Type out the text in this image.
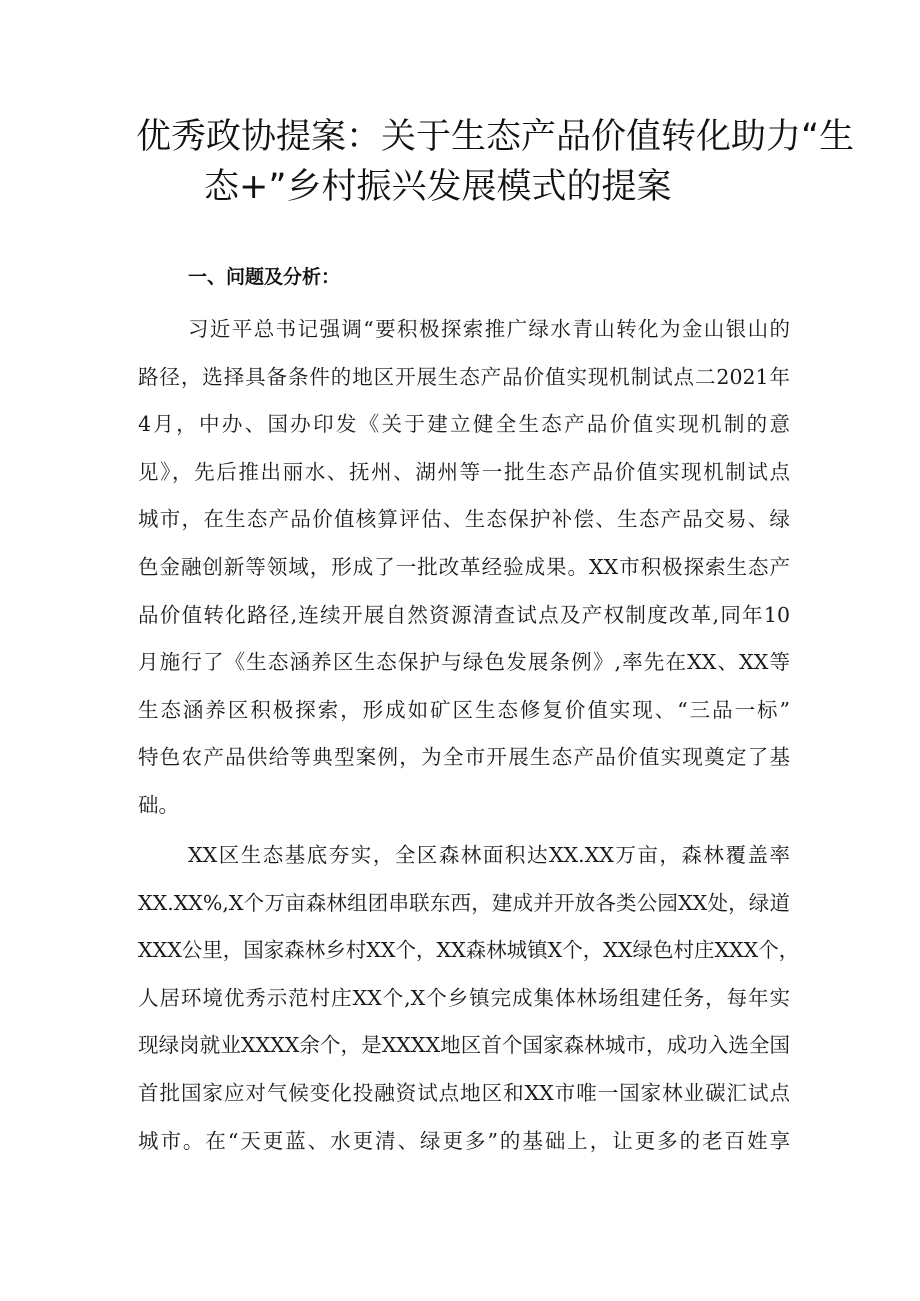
优秀政协提案：关于生态产品价值转化助力“生
态+”乡村振兴发展模式的提案
一、问题及分析：

习近平总书记强调“要积极探索推广绿水青山转化为金山银山的
路径，选择具备条件的地区开展生态产品价值实现机制试点二2021年
4月，中办、国办印发《关于建立健全生态产品价值实现机制的意
见》，先后推出丽水、抚州、湖州等一批生态产品价值实现机制试点
城市，在生态产品价值核算评估、生态保护补偿、生态产品交易、绿
色金融创新等领域，形成了一批改革经验成果。XX市积极探索生态产
品价值转化路径,连续开展自然资源清查试点及产权制度改革,同年10
月施行了《生态涵养区生态保护与绿色发展条例》,率先在XX、XX等
生态涵养区积极探索，形成如矿区生态修复价值实现、“三品一标”
特色农产品供给等典型案例，为全市开展生态产品价值实现奠定了基
础。

XX区生态基底夯实，全区森林面积达XX.XX万亩，森林覆盖率
XX.XX%,X个万亩森林组团串联东西，建成并开放各类公园XX处，绿道
XXX公里，国家森林乡村XX个，XX森林城镇X个，XX绿色村庄XXX个，
人居环境优秀示范村庄XX个,X个乡镇完成集体林场组建任务，每年实
现绿岗就业XXXX余个，是XXXX地区首个国家森林城市，成功入选全国
首批国家应对气候变化投融资试点地区和XX市唯一国家林业碳汇试点
城市。在“天更蓝、水更清、绿更多”的基础上，让更多的老百姓享
